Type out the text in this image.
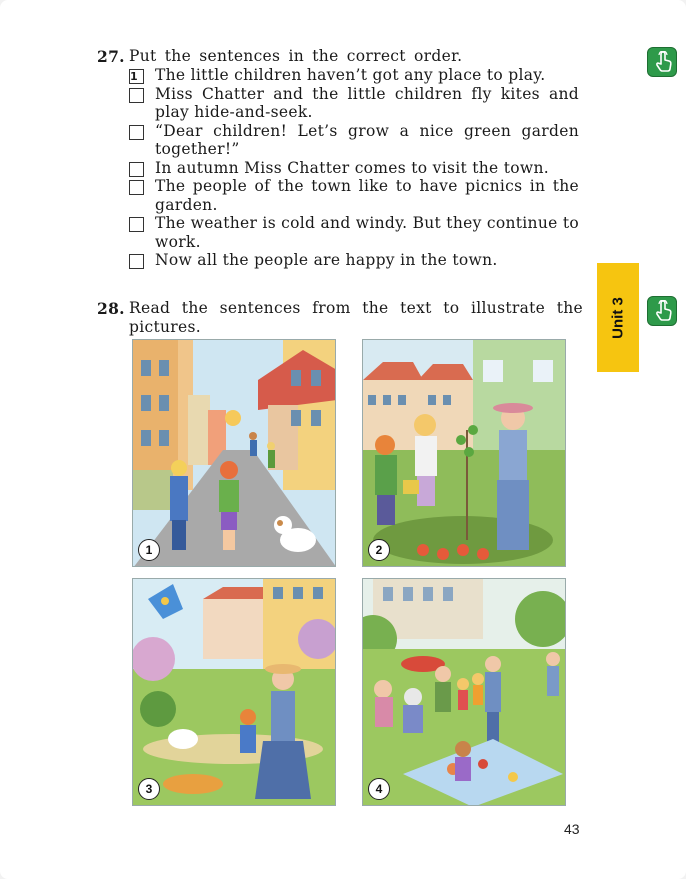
27. Put the sentences in the correct order.

1	The little children haven’t got any place to play.

Miss Chatter and the little children fly kites and play hide-and-seek.

“Dear children! Let’s grow a nice green garden together!”

In autumn Miss Chatter comes to visit the town.

The people of the town like to have picnics in the garden.

The weather is cold and windy. But they continue to work.

Now all the people are happy in the town.

28. Read the sentences from the text to illustrate the pictures.	Unit 3
1	2
3	4
43
